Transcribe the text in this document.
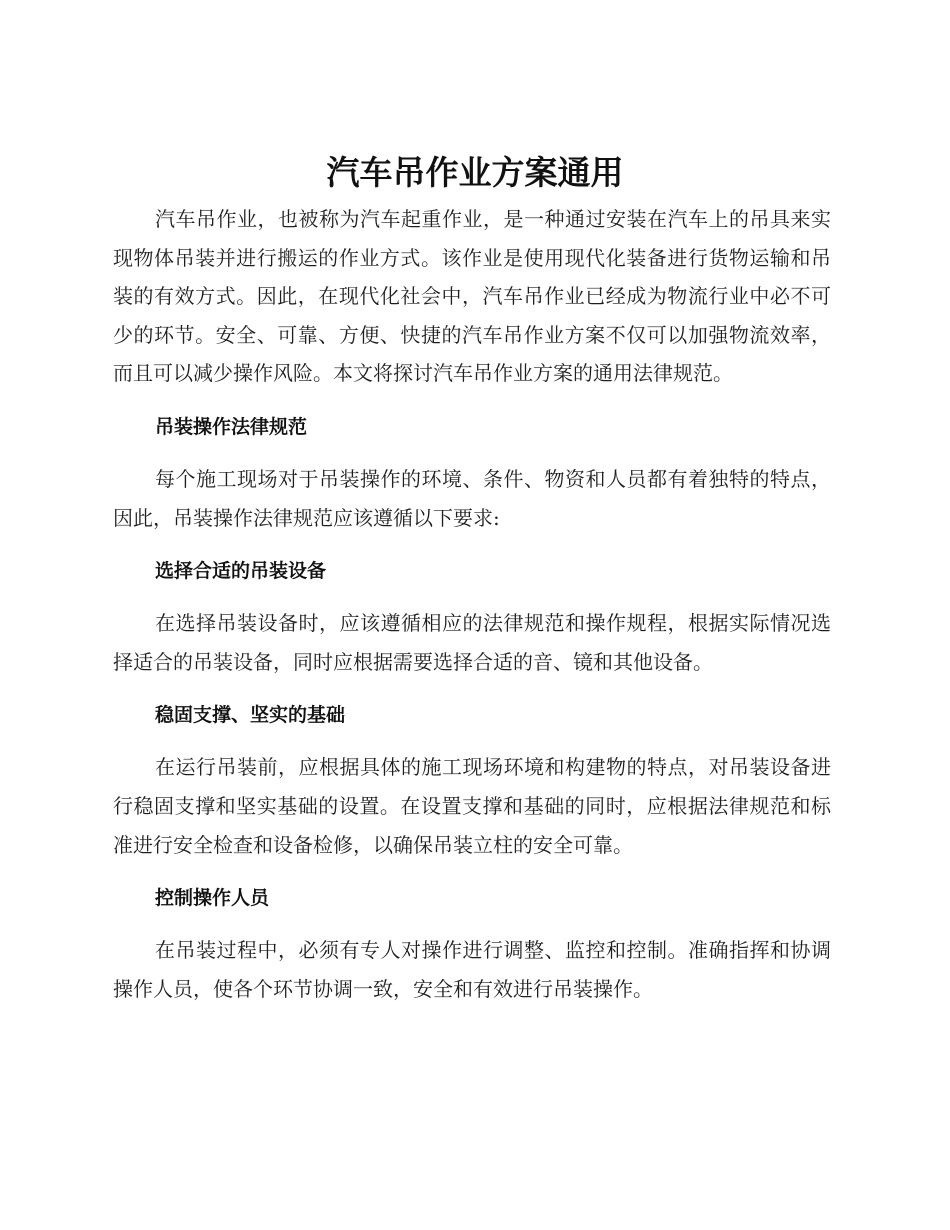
汽车吊作业方案通用

汽车吊作业，也被称为汽车起重作业，是一种通过安装在汽车上的吊具来实现物体吊装并进行搬运的作业方式。该作业是使用现代化装备进行货物运输和吊装的有效方式。因此，在现代化社会中，汽车吊作业已经成为物流行业中必不可少的环节。安全、可靠、方便、快捷的汽车吊作业方案不仅可以加强物流效率，而且可以减少操作风险。本文将探讨汽车吊作业方案的通用法律规范。

吊装操作法律规范

每个施工现场对于吊装操作的环境、条件、物资和人员都有着独特的特点，因此，吊装操作法律规范应该遵循以下要求:

选择合适的吊装设备

在选择吊装设备时，应该遵循相应的法律规范和操作规程，根据实际情况选择适合的吊装设备，同时应根据需要选择合适的音、镜和其他设备。

稳固支撑、坚实的基础

在运行吊装前，应根据具体的施工现场环境和构建物的特点，对吊装设备进行稳固支撑和坚实基础的设置。在设置支撑和基础的同时，应根据法律规范和标准进行安全检查和设备检修，以确保吊装立柱的安全可靠。

控制操作人员

在吊装过程中，必须有专人对操作进行调整、监控和控制。准确指挥和协调操作人员，使各个环节协调一致，安全和有效进行吊装操作。
